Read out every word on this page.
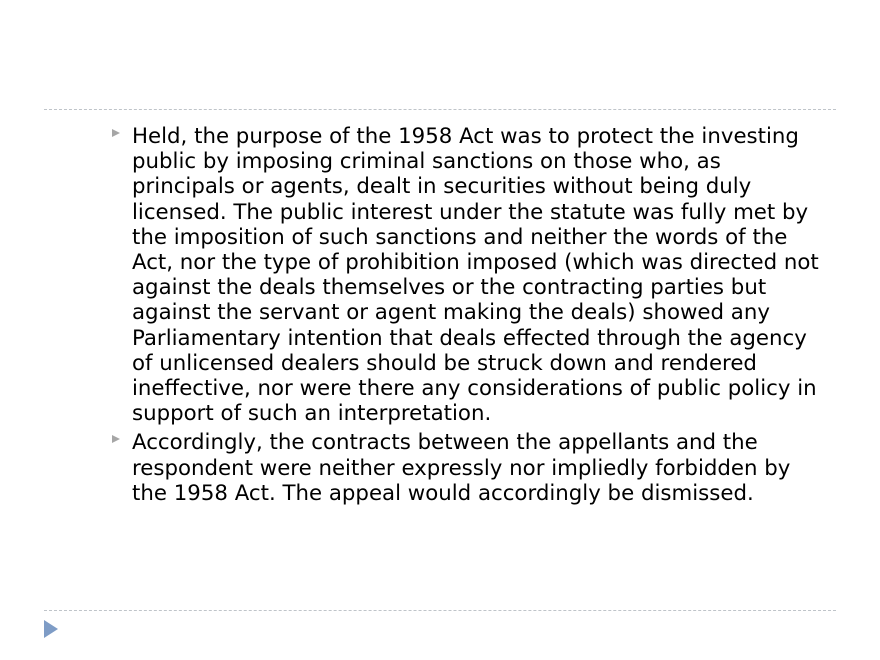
Held, the purpose of the 1958 Act was to protect the investing public by imposing criminal sanctions on those who, as principals or agents, dealt in securities without being duly licensed. The public interest under the statute was fully met by the imposition of such sanctions and neither the words of the Act, nor the type of prohibition imposed (which was directed not against the deals themselves or the contracting parties but against the servant or agent making the deals) showed any Parliamentary intention that deals effected through the agency of unlicensed dealers should be struck down and rendered ineffective, nor were there any considerations of public policy in support of such an interpretation.
Accordingly, the contracts between the appellants and the respondent were neither expressly nor impliedly forbidden by the 1958 Act. The appeal would accordingly be dismissed.
